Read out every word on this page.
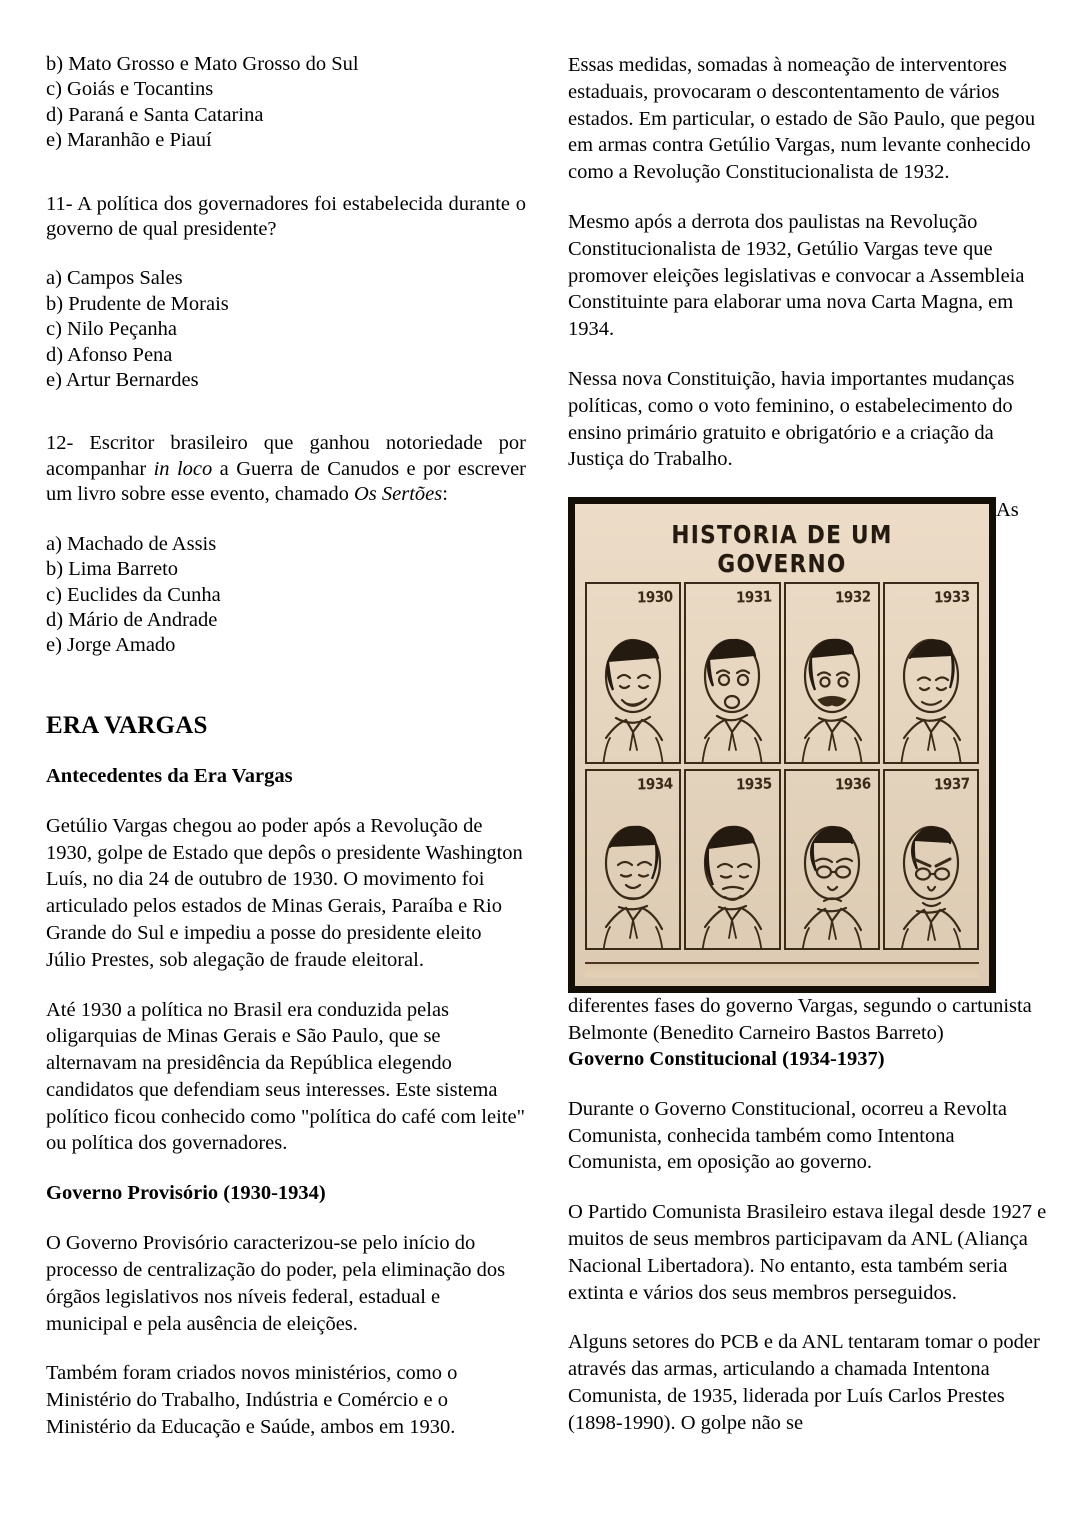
b) Mato Grosso e Mato Grosso do Sul
c) Goiás e Tocantins
d) Paraná e Santa Catarina
e) Maranhão e Piauí

11- A política dos governadores foi estabelecida durante o governo de qual presidente?

a) Campos Sales
b) Prudente de Morais
c) Nilo Peçanha
d) Afonso Pena
e) Artur Bernardes

12- Escritor brasileiro que ganhou notoriedade por acompanhar in loco a Guerra de Canudos e por escrever um livro sobre esse evento, chamado Os Sertões:

a) Machado de Assis
b) Lima Barreto
c) Euclides da Cunha
d) Mário de Andrade
e) Jorge Amado
ERA VARGAS
Antecedentes da Era Vargas

Getúlio Vargas chegou ao poder após a Revolução de 1930, golpe de Estado que depôs o presidente Washington Luís, no dia 24 de outubro de 1930. O movimento foi articulado pelos estados de Minas Gerais, Paraíba e Rio Grande do Sul e impediu a posse do presidente eleito Júlio Prestes, sob alegação de fraude eleitoral.

Até 1930 a política no Brasil era conduzida pelas oligarquias de Minas Gerais e São Paulo, que se alternavam na presidência da República elegendo candidatos que defendiam seus interesses. Este sistema político ficou conhecido como "política do café com leite" ou política dos governadores.

Governo Provisório (1930-1934)

O Governo Provisório caracterizou-se pelo início do processo de centralização do poder, pela eliminação dos órgãos legislativos nos níveis federal, estadual e municipal e pela ausência de eleições.

Também foram criados novos ministérios, como o Ministério do Trabalho, Indústria e Comércio e o Ministério da Educação e Saúde, ambos em 1930.

Essas medidas, somadas à nomeação de interventores estaduais, provocaram o descontentamento de vários estados. Em particular, o estado de São Paulo, que pegou em armas contra Getúlio Vargas, num levante conhecido como a Revolução Constitucionalista de 1932.

Mesmo após a derrota dos paulistas na Revolução Constitucionalista de 1932, Getúlio Vargas teve que promover eleições legislativas e convocar a Assembleia Constituinte para elaborar uma nova Carta Magna, em 1934.

Nessa nova Constituição, havia importantes mudanças políticas, como o voto feminino, o estabelecimento do ensino primário gratuito e obrigatório e a criação da Justiça do Trabalho.

HISTORIA DE UM GOVERNO
1930	1931	1932	1933
1934	1935	1936	1937
As diferentes fases do governo Vargas, segundo o cartunista Belmonte (Benedito Carneiro Bastos Barreto)
Governo Constitucional (1934-1937)

Durante o Governo Constitucional, ocorreu a Revolta Comunista, conhecida também como Intentona Comunista, em oposição ao governo.

O Partido Comunista Brasileiro estava ilegal desde 1927 e muitos de seus membros participavam da ANL (Aliança Nacional Libertadora). No entanto, esta também seria extinta e vários dos seus membros perseguidos.

Alguns setores do PCB e da ANL tentaram tomar o poder através das armas, articulando a chamada Intentona Comunista, de 1935, liderada por Luís Carlos Prestes (1898-1990). O golpe não se
